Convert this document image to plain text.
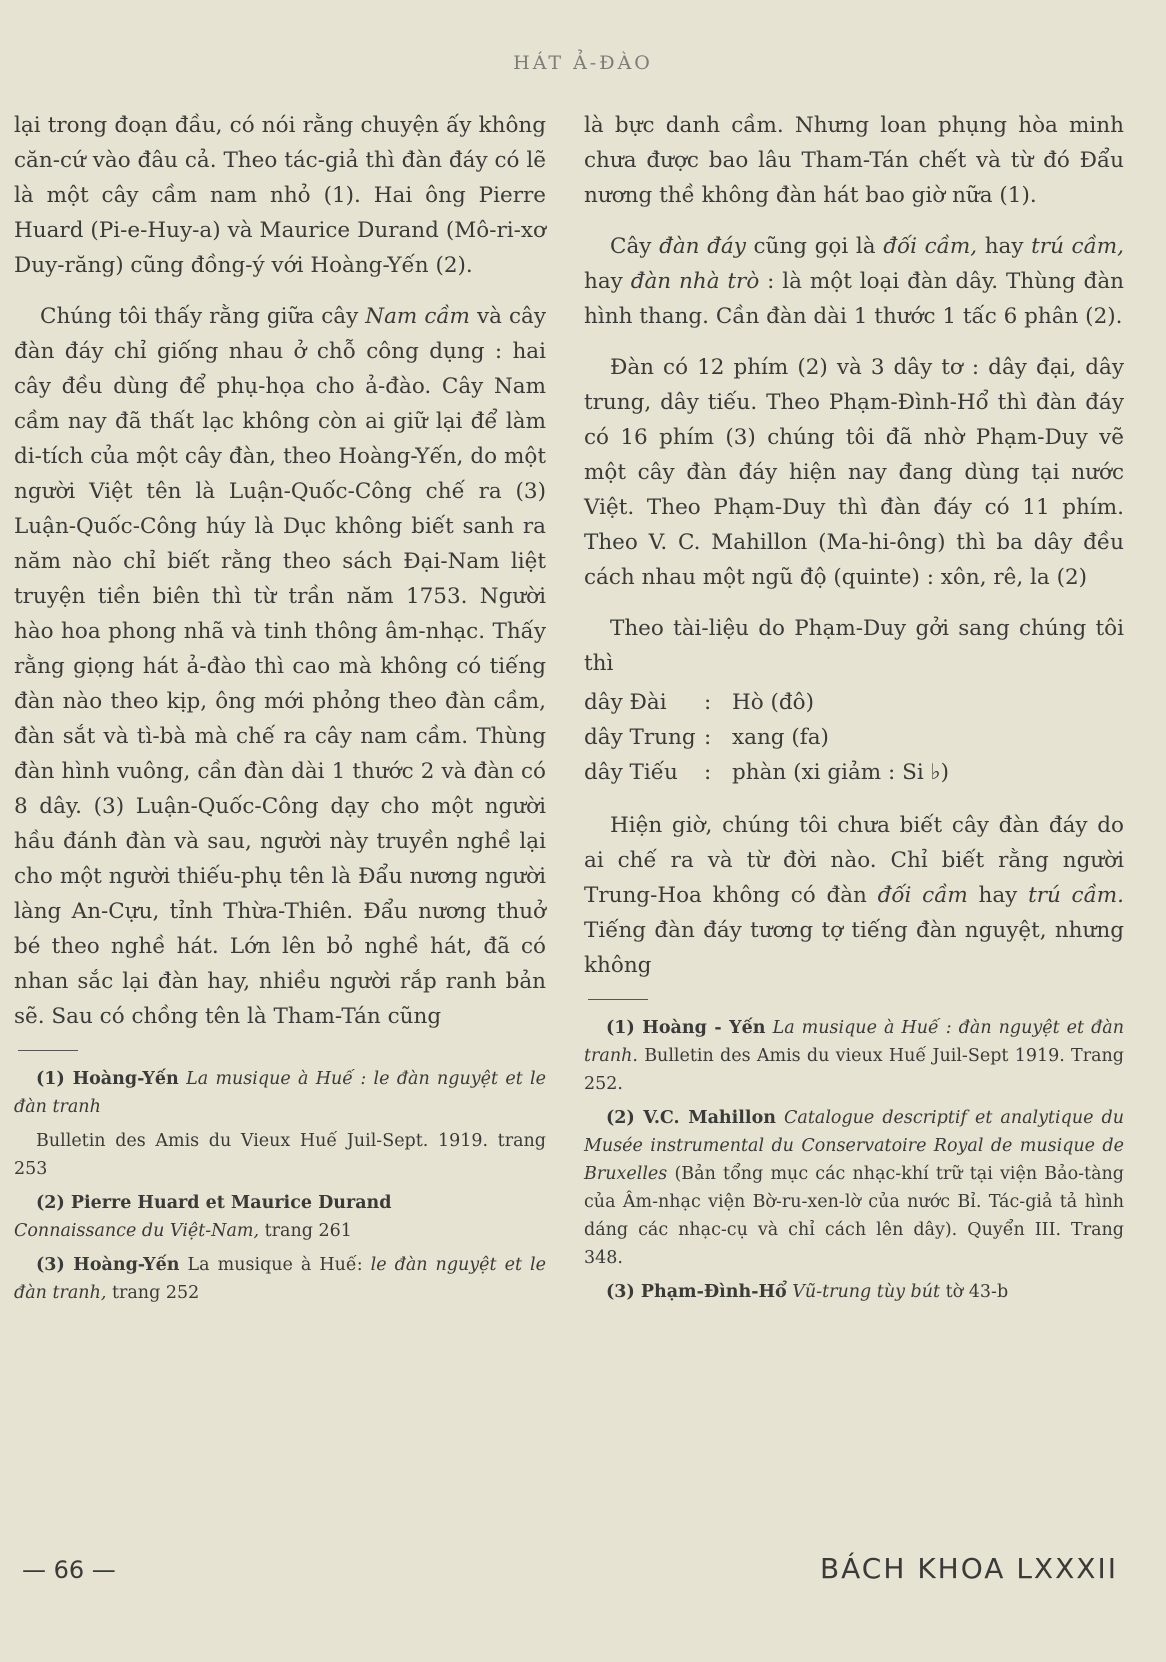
HÁT Ả-ĐÀO

lại trong đoạn đầu, có nói rằng chuyện ấy không căn-cứ vào đâu cả. Theo tác-giả thì đàn đáy có lẽ là một cây cầm nam nhỏ (1). Hai ông Pierre Huard (Pi-e-Huy-a) và Maurice Durand (Mô-ri-xơ Duy-răng) cũng đồng-ý với Hoàng-Yến (2).

Chúng tôi thấy rằng giữa cây Nam cầm và cây đàn đáy chỉ giống nhau ở chỗ công dụng : hai cây đều dùng để phụ-họa cho ả-đào. Cây Nam cầm nay đã thất lạc không còn ai giữ lại để làm di-tích của một cây đàn, theo Hoàng-Yến, do một người Việt tên là Luận-Quốc-Công chế ra (3) Luận-Quốc-Công húy là Dục không biết sanh ra năm nào chỉ biết rằng theo sách Đại-Nam liệt truyện tiền biên thì từ trần năm 1753. Người hào hoa phong nhã và tinh thông âm-nhạc. Thấy rằng giọng hát ả-đào thì cao mà không có tiếng đàn nào theo kịp, ông mới phỏng theo đàn cầm, đàn sắt và tì-bà mà chế ra cây nam cầm. Thùng đàn hình vuông, cần đàn dài 1 thước 2 và đàn có 8 dây. (3) Luận-Quốc-Công dạy cho một người hầu đánh đàn và sau, người này truyền nghề lại cho một người thiếu-phụ tên là Đẩu nương người làng An-Cựu, tỉnh Thừa-Thiên. Đẩu nương thuở bé theo nghề hát. Lớn lên bỏ nghề hát, đã có nhan sắc lại đàn hay, nhiều người rắp ranh bản sẽ. Sau có chồng tên là Tham-Tán cũng

(1) Hoàng-Yến La musique à Huế : le đàn nguyệt et le đàn tranh
Bulletin des Amis du Vieux Huế Juil-Sept. 1919. trang 253
(2) Pierre Huard et Maurice Durand
Connaissance du Việt-Nam, trang 261
(3) Hoàng-Yến La musique à Huế: le đàn nguyệt et le đàn tranh, trang 252

là bực danh cầm. Nhưng loan phụng hòa minh chưa được bao lâu Tham-Tán chết và từ đó Đẩu nương thề không đàn hát bao giờ nữa (1).

Cây đàn đáy cũng gọi là đối cầm, hay trú cầm, hay đàn nhà trò : là một loại đàn dây. Thùng đàn hình thang. Cần đàn dài 1 thước 1 tấc 6 phân (2).

Đàn có 12 phím (2) và 3 dây tơ : dây đại, dây trung, dây tiếu. Theo Phạm-Đình-Hổ thì đàn đáy có 16 phím (3) chúng tôi đã nhờ Phạm-Duy vẽ một cây đàn đáy hiện nay đang dùng tại nước Việt. Theo Phạm-Duy thì đàn đáy có 11 phím. Theo V. C. Mahillon (Ma-hi-ông) thì ba dây đều cách nhau một ngũ độ (quinte) : xôn, rê, la (2)

Theo tài-liệu do Phạm-Duy gởi sang chúng tôi thì

dây Đài	: Hò (đô)
dây Trung : xang (fa)
dây Tiếu	: phàn (xi giảm : Si ♭)

Hiện giờ, chúng tôi chưa biết cây đàn đáy do ai chế ra và từ đời nào. Chỉ biết rằng người Trung-Hoa không có đàn đối cầm hay trú cầm. Tiếng đàn đáy tương tợ tiếng đàn nguyệt, nhưng không

(1) Hoàng - Yến La musique à Huế : đàn nguyệt et đàn tranh. Bulletin des Amis du vieux Huế Juil-Sept 1919. Trang 252.
(2) V.C. Mahillon Catalogue descriptif et analytique du Musée instrumental du Conservatoire Royal de musique de Bruxelles (Bản tổng mục các nhạc-khí trữ tại viện Bảo-tàng của Âm-nhạc viện Bờ-ru-xen-lờ của nước Bỉ. Tác-giả tả hình dáng các nhạc-cụ và chỉ cách lên dây). Quyển III. Trang 348.
(3) Phạm-Đình-Hổ Vũ-trung tùy bút tờ 43-b
— 66 —	BÁCH KHOA LXXXII
